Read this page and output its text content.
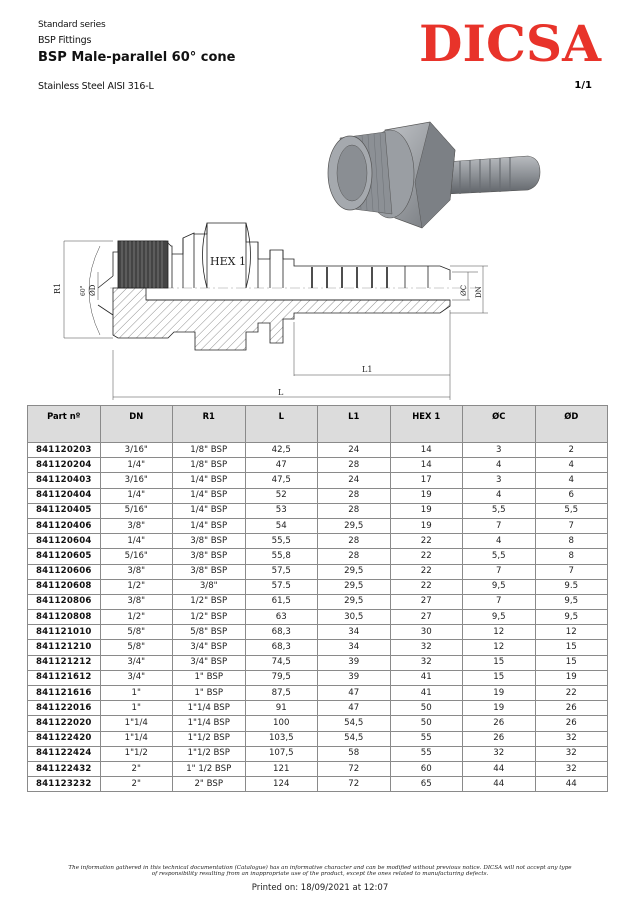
Standard series
BSP Fittings
BSP Male-parallel 60° cone
Stainless Steel AISI 316-L	1/1
DICSA
R1	60° ØD
HEX 1
ØC DN
L1
L
Part nº	DN	R1	L	L1	HEX 1	ØC	ØD
841120203	3/16"	1/8" BSP	42,5	24	14	3	2
841120204	1/4"	1/8" BSP	47	28	14	4	4
841120403	3/16"	1/4" BSP	47,5	24	17	3	4
841120404	1/4"	1/4" BSP	52	28	19	4	6
841120405	5/16"	1/4" BSP	53	28	19	5,5	5,5
841120406	3/8"	1/4" BSP	54	29,5	19	7	7
841120604	1/4"	3/8" BSP	55,5	28	22	4	8
841120605	5/16"	3/8" BSP	55,8	28	22	5,5	8
841120606	3/8"	3/8" BSP	57,5	29,5	22	7	7
841120608	1/2"	3/8"	57.5	29,5	22	9,5	9.5
841120806	3/8"	1/2" BSP	61,5	29,5	27	7	9,5
841120808	1/2"	1/2" BSP	63	30,5	27	9,5	9,5
841121010	5/8"	5/8" BSP	68,3	34	30	12	12
841121210	5/8"	3/4" BSP	68,3	34	32	12	15
841121212	3/4"	3/4" BSP	74,5	39	32	15	15
841121612	3/4"	1" BSP	79,5	39	41	15	19
841121616	1"	1" BSP	87,5	47	41	19	22
841122016	1"	1"1/4 BSP	91	47	50	19	26
841122020	1"1/4	1"1/4 BSP	100	54,5	50	26	26
841122420	1"1/4	1"1/2 BSP	103,5	54,5	55	26	32
841122424	1"1/2	1"1/2 BSP	107,5	58	55	32	32
841122432	2"	1" 1/2 BSP	121	72	60	44	32
841123232	2"	2" BSP	124	72	65	44	44
The information gathered in this technical documentation (Catalogue) has an informative character and can be modified without previous notice. DICSA will not accept any type
of responsibility resulting from an inappropriate use of the product, except the ones related to manufacturing defects.
Printed on: 18/09/2021 at 12:07
